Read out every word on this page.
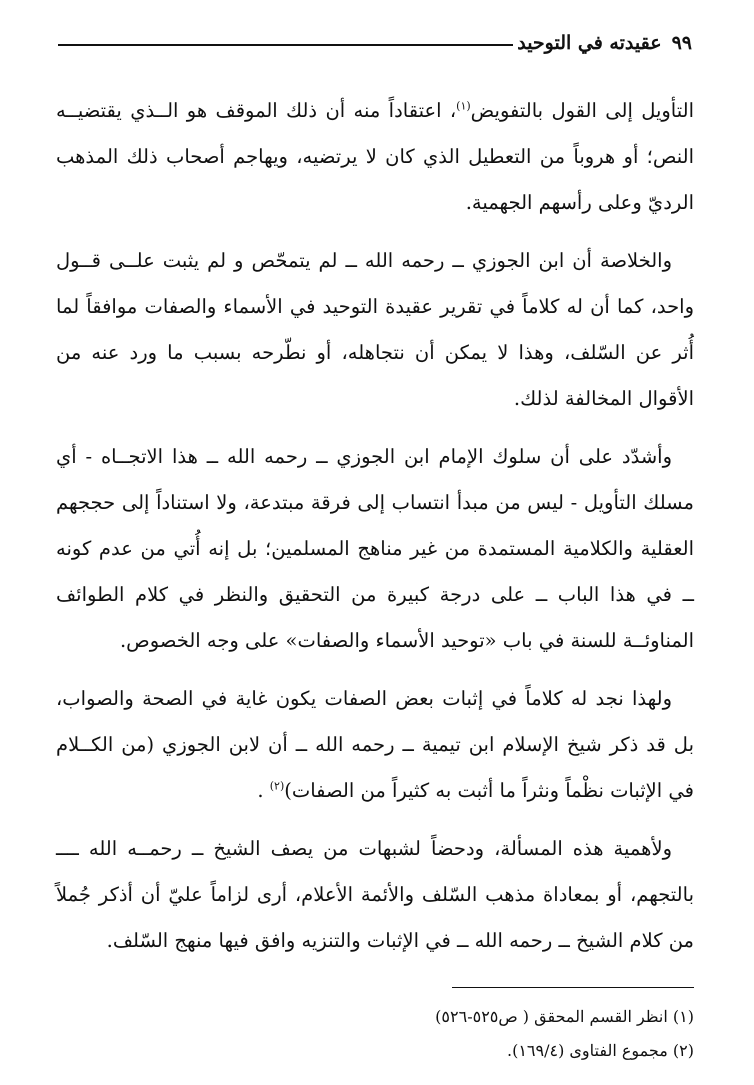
٩٩
عقيدته في التوحيد

التأويل إلى القول بالتفويض$^{(١)}$، اعتقاداً منه أن ذلك الموقف هو الــذي يقتضيــه النص؛ أو هروباً من التعطيل الذي كان لا يرتضيه، ويهاجم أصحاب ذلك المذهب الرديّ وعلى رأسهم الجهمية.

والخلاصة أن ابن الجوزي ــ رحمه الله ــ لم يتمحّص و لم يثبت علــى قــول واحد، كما أن له كلاماً في تقرير عقيدة التوحيد في الأسماء والصفات موافقاً لما أُثر عن السّلف، وهذا لا يمكن أن نتجاهله، أو نطّرحه بسبب ما ورد عنه من الأقوال المخالفة لذلك.

وأشدّد على أن سلوك الإمام ابن الجوزي ــ رحمه الله ــ هذا الاتجــاه - أي مسلك التأويل - ليس من مبدأ انتساب إلى فرقة مبتدعة، ولا استناداً إلى حججهم العقلية والكلامية المستمدة من غير مناهج المسلمين؛ بل إنه أُتي من عدم كونه ــ في هذا الباب ــ على درجة كبيرة من التحقيق والنظر في كلام الطوائف المناوئــة للسنة في باب «توحيد الأسماء والصفات» على وجه الخصوص.

ولهذا نجد له كلاماً في إثبات بعض الصفات يكون غاية في الصحة والصواب، بل قد ذكر شيخ الإسلام ابن تيمية ــ رحمه الله ــ أن لابن الجوزي (من الكــلام في الإثبات نظْماً ونثراً ما أثبت به كثيراً من الصفات)$^{(٢)}$ .

ولأهمية هذه المسألة، ودحضاً لشبهات من يصف الشيخ ــ رحمــه الله ــــ بالتجهم، أو بمعاداة مذهب السّلف والأئمة الأعلام، أرى لزاماً عليّ أن أذكر جُملاً من كلام الشيخ ــ رحمه الله ــ في الإثبات والتنزيه وافق فيها منهج السّلف.

(١) انظر القسم المحقق ( ص٥٢٥-٥٢٦)

(٢) مجموع الفتاوى (١٦٩/٤).
